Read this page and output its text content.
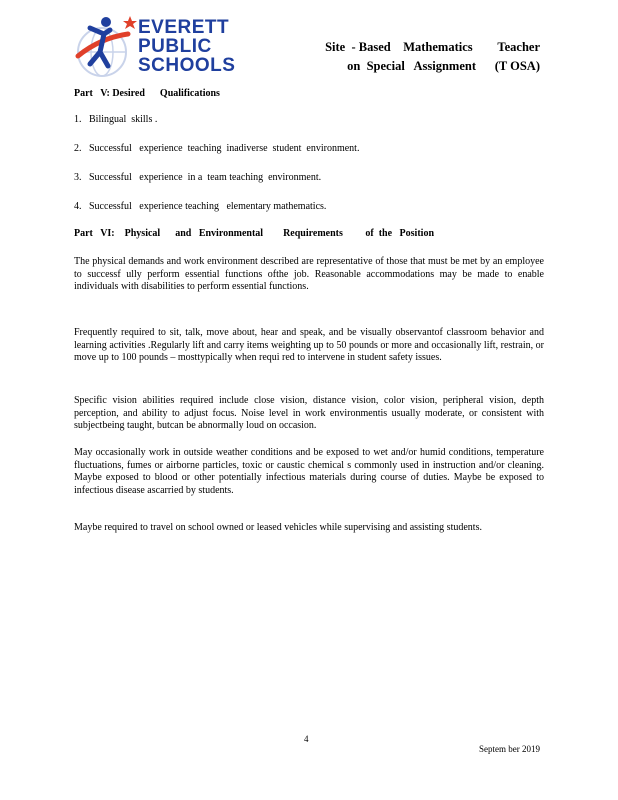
EVERETT
PUBLIC
SCHOOLS
Site  - Based    Mathematics        Teacher
on  Special   Assignment      (T OSA)
Part   V: Desired      Qualifications
1.   Bilingual  skills .
2.   Successful   experience  teaching  inadiverse  student  environment.
3.   Successful   experience  in a  team teaching  environment.
4.   Successful   experience teaching   elementary mathematics.
Part   VI:    Physical      and   Environmental        Requirements         of  the   Position

The physical demands and work environment described are representative of those that must be met by an employee to successf ully perform essential functions ofthe job. Reasonable accommodations may be made to enable individuals with disabilities to perform essential functions.

Frequently required to sit, talk, move about, hear and speak, and be visually observantof classroom behavior and learning activities .Regularly lift and carry items weighting up to 50 pounds or more and occasionally lift, restrain, or move up to 100 pounds – mosttypically when requi red to intervene in student safety issues.

Specific vision abilities required include close vision, distance vision, color vision, peripheral vision, depth perception, and ability to adjust focus. Noise level in work environmentis usually moderate, or consistent with subjectbeing taught, butcan be abnormally loud on occasion.

May occasionally work in outside weather conditions and be exposed to wet and/or humid conditions, temperature fluctuations, fumes or airborne particles, toxic or caustic chemical s commonly used in instruction and/or cleaning. Maybe exposed to blood or other potentially infectious materials during course of duties. Maybe be exposed to infectious disease ascarried by students.

Maybe required to travel on school owned or leased vehicles while supervising and assisting students.

4
Septem ber 2019
